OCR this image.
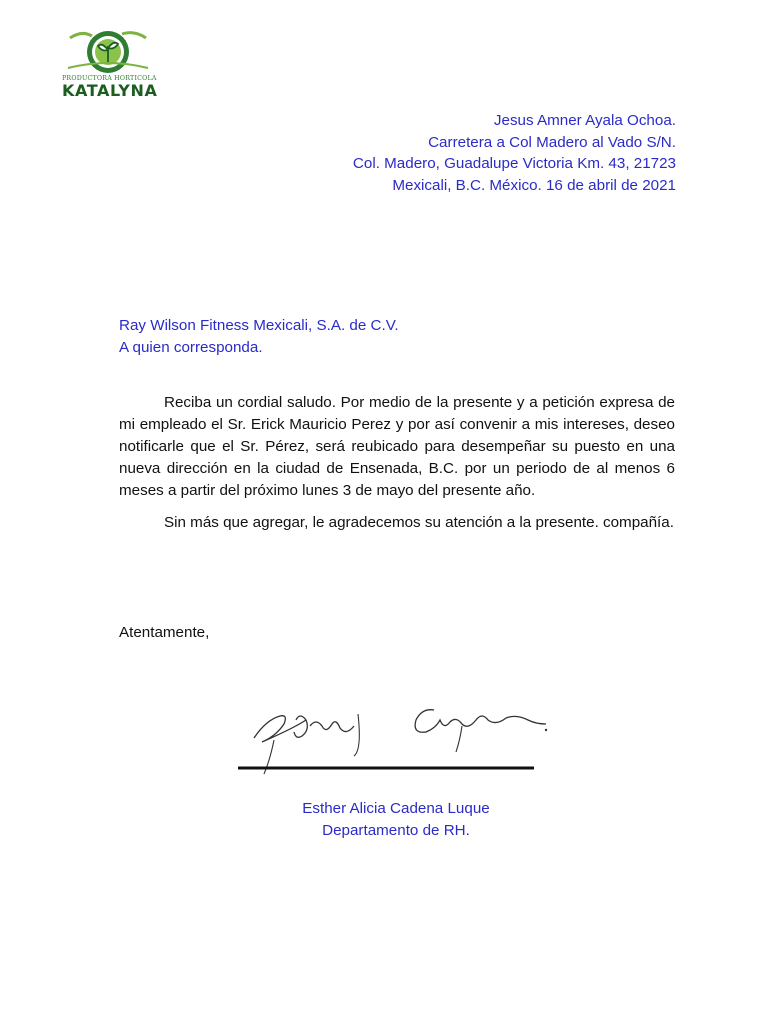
PRODUCTORA HORTICOLA
KATALYNA
Jesus Amner Ayala Ochoa.
Carretera a Col Madero al Vado S/N.
Col. Madero, Guadalupe Victoria Km. 43, 21723
Mexicali, B.C. México. 16 de abril de 2021
Ray Wilson Fitness Mexicali, S.A. de C.V.
A quien corresponda.

Reciba un cordial saludo. Por medio de la presente y a petición expresa de mi empleado el Sr. Erick Mauricio Perez y por así convenir a mis intereses, deseo notificarle que el Sr. Pérez, será reubicado para desempeñar su puesto en una nueva dirección en la ciudad de Ensenada, B.C. por un periodo de al menos 6 meses a partir del próximo lunes 3 de mayo del presente año.

Sin más que agregar, le agradecemos su atención a la presente. compañía.

Atentamente,
Esther Alicia Cadena Luque
Departamento de RH.
